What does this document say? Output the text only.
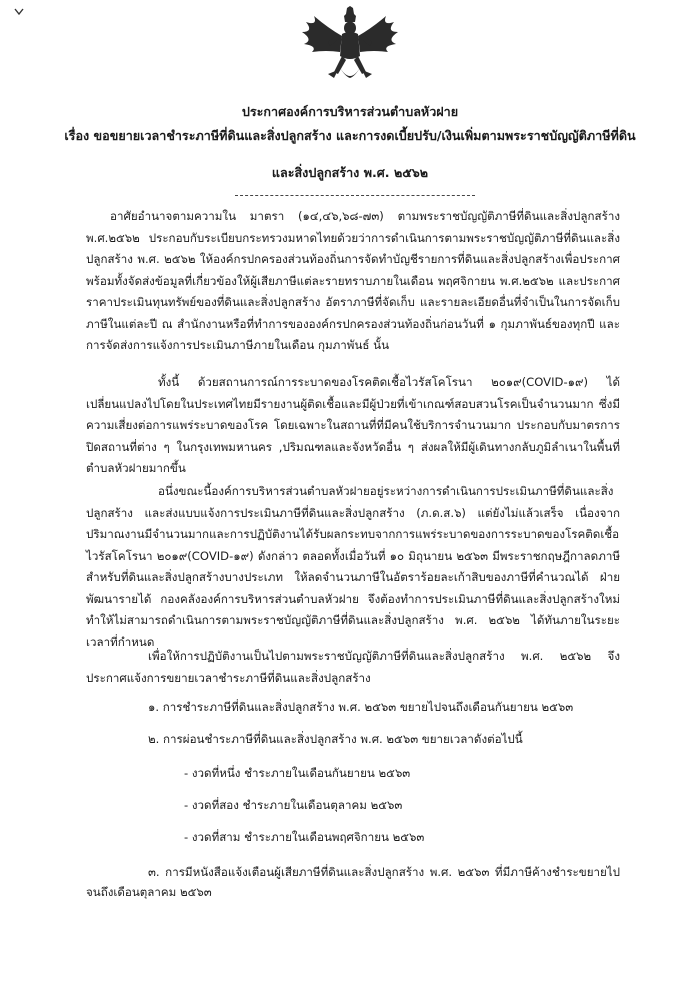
ประกาศองค์การบริหารส่วนตำบลหัวฝาย
เรื่อง ขอขยายเวลาชำระภาษีที่ดินและสิ่งปลูกสร้าง และการงดเบี้ยปรับ/เงินเพิ่มตามพระราชบัญญัติภาษีที่ดิน
และสิ่งปลูกสร้าง พ.ศ. ๒๕๖๒
อาศัยอำนาจตามความใน มาตรา (๑๔,๔๖,๖๘-๗๓) ตามพระราชบัญญัติภาษีที่ดินและสิ่งปลูกสร้าง พ.ศ.๒๕๖๒ ประกอบกับระเบียบกระทรวงมหาดไทยด้วยว่าการดำเนินการตามพระราชบัญญัติภาษีที่ดินและสิ่งปลูกสร้าง พ.ศ. ๒๕๖๒ ให้องค์กรปกครองส่วนท้องถิ่นการจัดทำบัญชีรายการที่ดินและสิ่งปลูกสร้างเพื่อประกาศพร้อมทั้งจัดส่งข้อมูลที่เกี่ยวข้องให้ผู้เสียภาษีแต่ละรายทราบภายในเดือน พฤศจิกายน พ.ศ.๒๕๖๒ และประกาศราคาประเมินทุนทรัพย์ของที่ดินและสิ่งปลูกสร้าง อัตราภาษีที่จัดเก็บ และรายละเอียดอื่นที่จำเป็นในการจัดเก็บภาษีในแต่ละปี ณ สำนักงานหรือที่ทำการขององค์กรปกครองส่วนท้องถิ่นก่อนวันที่ ๑ กุมภาพันธ์ของทุกปี และการจัดส่งการแจ้งการประเมินภาษีภายในเดือน กุมภาพันธ์ นั้น
ทั้งนี้ ด้วยสถานการณ์การระบาดของโรคติดเชื้อไวรัสโคโรนา ๒๐๑๙(COVID-๑๙) ได้เปลี่ยนแปลงไปโดยในประเทศไทยมีรายงานผู้ติดเชื้อและมีผู้ป่วยที่เข้าเกณฑ์สอบสวนโรคเป็นจำนวนมาก ซึ่งมีความเสี่ยงต่อการแพร่ระบาดของโรค โดยเฉพาะในสถานที่ที่มีคนใช้บริการจำนวนมาก ประกอบกับมาตรการปิดสถานที่ต่าง ๆ ในกรุงเทพมหานคร ,ปริมณฑลและจังหวัดอื่น ๆ ส่งผลให้มีผู้เดินทางกลับภูมิลำเนาในพื้นที่ตำบลหัวฝายมากขึ้น
อนึ่งขณะนี้องค์การบริหารส่วนตำบลหัวฝายอยู่ระหว่างการดำเนินการประเมินภาษีที่ดินและสิ่งปลูกสร้าง และส่งแบบแจ้งการประเมินภาษีที่ดินและสิ่งปลูกสร้าง (ภ.ด.ส.๖) แต่ยังไม่แล้วเสร็จ เนื่องจากปริมาณงานมีจำนวนมากและการปฏิบัติงานได้รับผลกระทบจากการแพร่ระบาดของการระบาดของโรคติดเชื้อไวรัสโคโรนา ๒๐๑๙(COVID-๑๙) ดังกล่าว ตลอดทั้งเมื่อวันที่ ๑๐ มิถุนายน ๒๕๖๓ มีพระราชกฤษฎีกาลดภาษีสำหรับที่ดินและสิ่งปลูกสร้างบางประเภท ให้ลดจำนวนภาษีในอัตราร้อยละเก้าสิบของภาษีที่คำนวณได้ ฝ่ายพัฒนารายได้ กองคลังองค์การบริหารส่วนตำบลหัวฝาย จึงต้องทำการประเมินภาษีที่ดินและสิ่งปลูกสร้างใหม่ ทำให้ไม่สามารถดำเนินการตามพระราชบัญญัติภาษีที่ดินและสิ่งปลูกสร้าง พ.ศ. ๒๕๖๒ ได้ทันภายในระยะเวลาที่กำหนด
เพื่อให้การปฏิบัติงานเป็นไปตามพระราชบัญญัติภาษีที่ดินและสิ่งปลูกสร้าง พ.ศ. ๒๕๖๒ จึงประกาศแจ้งการขยายเวลาชำระภาษีที่ดินและสิ่งปลูกสร้าง
๑. การชำระภาษีที่ดินและสิ่งปลูกสร้าง พ.ศ. ๒๕๖๓ ขยายไปจนถึงเดือนกันยายน ๒๕๖๓
๒. การผ่อนชำระภาษีที่ดินและสิ่งปลูกสร้าง พ.ศ. ๒๕๖๓ ขยายเวลาดังต่อไปนี้
- งวดที่หนึ่ง ชำระภายในเดือนกันยายน ๒๕๖๓
- งวดที่สอง ชำระภายในเดือนตุลาคม ๒๕๖๓
- งวดที่สาม ชำระภายในเดือนพฤศจิกายน ๒๕๖๓
๓. การมีหนังสือแจ้งเตือนผู้เสียภาษีที่ดินและสิ่งปลูกสร้าง พ.ศ. ๒๕๖๓ ที่มีภาษีค้างชำระขยายไปจนถึงเดือนตุลาคม ๒๕๖๓
